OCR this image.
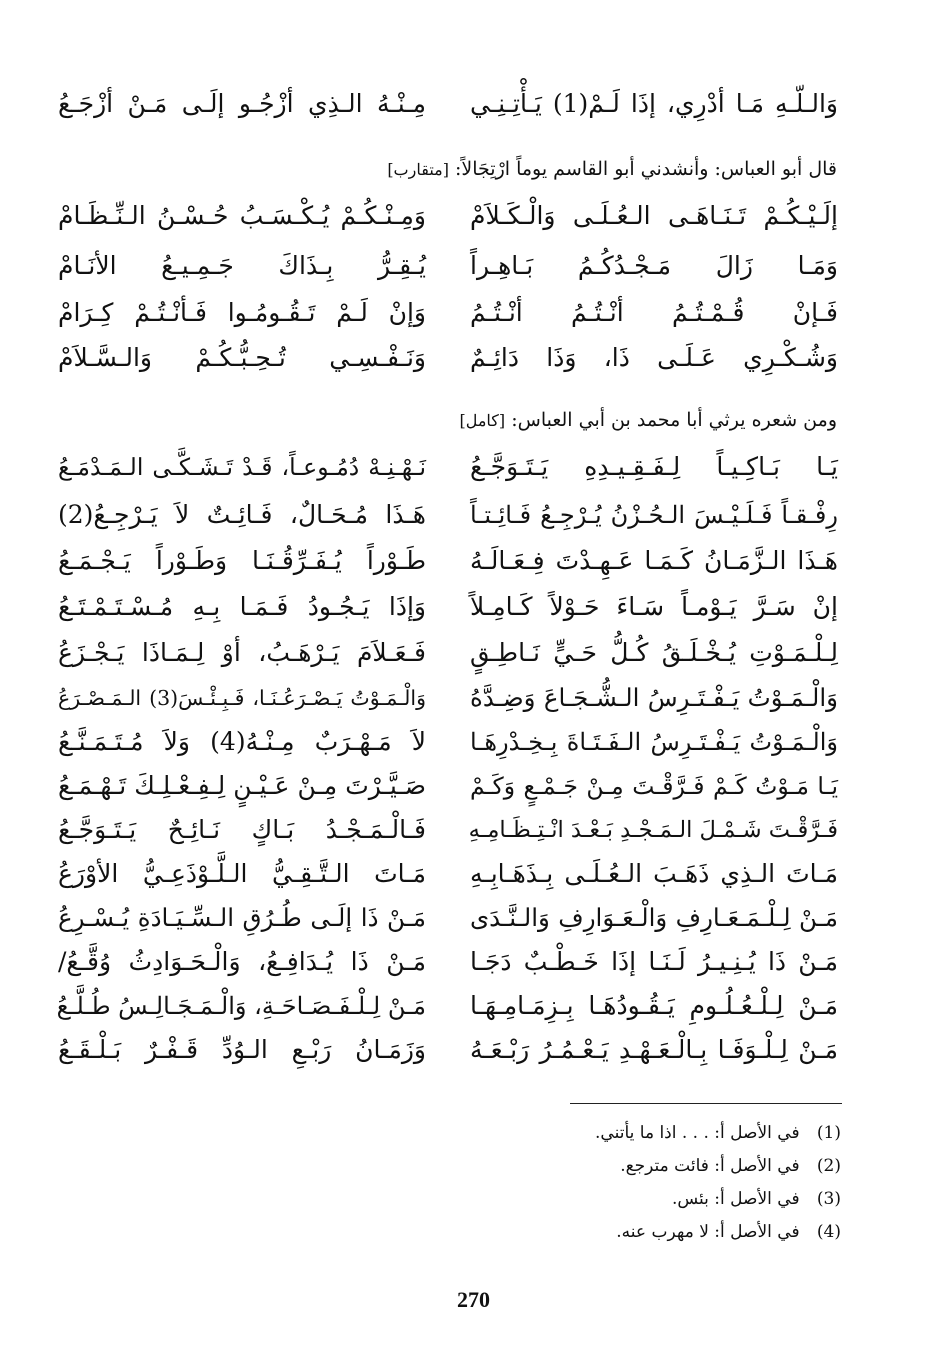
وَالـلّـهِ مَـا أدْرِي، إذَا لَـمْ(1) يَـأْتِـنِـي
مِـنْـهُ الـذِي أزْجُـو إلَـى مَـنْ أزْجَـعُ
قال أبو العباس: وأنشدني أبو القاسم يوماً ارْتِجَالاً: [متقارب]
إلَـيْـكُـمْ تَـنَـاهَـى الـعُـلَـى وَالْـكَـلاَمْ
وَمِـنْـكُـمْ يُـكْـسَـبُ حُـسْـنُ الـنِّـظَـامْ
وَمَـا زَالَ مَـجْـدُكُـمُ بَـاهِـراً
يُـقِـرُّ بِـذَاكَ جَـمِـيـعُ الأنَـامْ
فَـإنْ قُـمْـتُـمُ أنْـتُـمُ أنْـتُـمُ
وَإنْ لَـمْ تَـقُـومُـوا فَـأنْـتُـمْ كِـرَامْ
وَشُـكْـرِي عَـلَـى ذَا، وَذَا دَائِـمٌ
وَنَـفْـسِـي تُـحِـبُّـكُـمْ وَالـسَّـلاَمْ
ومن شعره يرثي أبا محمد بن أبي العباس: [كامل]
يَـا بَـاكِـيـاً لِـفَـقِـيـدِهِ يَـتَـوَجَّـعُ
نَـهْـنِـهْ دُمُـوعـاً، قَـدْ تَـشَـكَّـى الـمَـدْمَـعُ
رِفْـقـاً فَـلَـيْـسَ الـحُـزْنُ يُـرْجِـعُ فَـائِـتـاً
هَـذَا مُـحَـالٌ، فَـائِـتٌ لاَ يَـرْجِـعُ(2)
هَـذَا الـزَّمَـانُ كَـمَـا عَـهِـدْتَ فِـعَـالَـهُ
طَـوْراً يُـفَـرِّقُـنَـا وَطَـوْراً يَـجْـمَـعُ
إنْ سَـرَّ يَـوْمـاً سَـاءَ حَـوْلاً كَـامِـلاً
وَإذَا يَـجُـودُ فَـمَـا بِـهِ مُـسْـتَـمْـتَـعُ
لِـلْـمَـوْتِ يُـخْـلَـقُ كُـلُّ حَـيٍّ نَـاطِـقٍ
فَـعَـلاَمَ يَـرْهَـبُ، أوْ لِـمَـاذَا يَـجْـزَعُ
وَالْـمَـوْتُ يَـفْـتَـرِسُ الـشُّـجَـاعَ وَضِـدَّهُ
وَالْـمَـوْتُ يَـصْـرَعُـنَـا، فَـبِـئْـسَ(3) الـمَـصْـرَعُ
وَالْـمَـوْتُ يَـفْـتَـرِسُ الـفَـتَـاةَ بِـخِـدْرِهَـا
لاَ مَـهْـرَبٌ مِـنْـهُ(4) وَلاَ مُـتَـمَـنَّـعُ
يَـا مَـوْتُ كَـمْ فَـرَّقْـتَ مِـنْ جَـمْـعٍ وَكَـمْ
صَـيَّـرْتَ مِـنْ عَـيْـنٍ لِـفِـعْـلِـكَ تَـهْـمَـعُ
فَـرَّقْـتَ شَـمْـلَ الـمَـجْـدِ بَـعْـدَ انْـتِـظَـامِـهِ
فَـالْـمَـجْـدُ بَـاكٍ نَـائِـحٌ يَـتَـوَجَّـعُ
مَـاتَ الـذِي ذَهَـبَ الـعُـلَـى بِـذَهَـابِـهِ
مَـاتَ الـتَّـقِـيُّ الـلَّـوْذَعِـيُّ الأوْرَعُ
مَـنْ لِـلْـمَـعَـارِفِ وَالْـعَـوَارِفِ وَالـنَّـدَى
مَـنْ ذَا إلَـى طُـرُقِ الـسِّـيَـادَةِ يُـسْـرِعُ
مَـنْ ذَا يُـنِـيـرُ لَـنَـا إذَا خَـطْـبٌ دَجَـا
مَـنْ ذَا يُـدَافِـعُ، وَالْـحَـوَادِثُ وُقَّـعُ/
مَـنْ لِـلْـعُـلُـومِ يَـقُـودُهَـا بِـزِمَـامِـهَـا
مَـنْ لِـلْـفَـصَـاحَـةِ، وَالْـمَـجَـالِـسُ طُـلَّـعُ
مَـنْ لِـلْـوَفَـا بِـالْـعَـهْـدِ يَـعْـمُـرُ رَبْـعَـهُ
وَزَمَـانُ رَبْـعِ الـوُدِّ قَـفْـرٌ بَـلْـقَـعُ
(1) في الأصل أ: . . . اذا ما يأتني.
(2) في الأصل أ: فائت مترجع.
(3) في الأصل أ: بئس.
(4) في الأصل أ: لا مهرب عنه.
270
